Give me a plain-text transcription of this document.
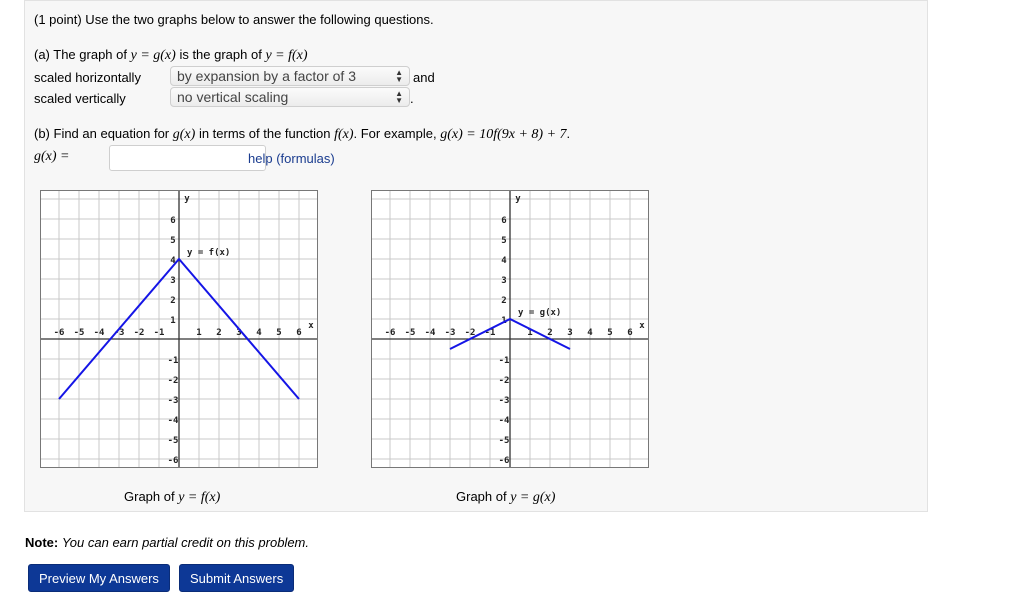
(1 point) Use the two graphs below to answer the following questions.
(a) The graph of y = g(x) is the graph of y = f(x)
scaled horizontally	by expansion by a factor of 3	▲
▼ and
scaled vertically	no vertical scaling	▲
▼ .
(b) Find an equation for g(x) in terms of the function f(x). For example, g(x) = 10f(9x + 8) + 7.
g(x) =	help (formulas)
-6
-6
-5
-5
-4
-4
-3
-3
-2
-2
-1
-1
1
1
2
2
3
3
4
4
5
5
6
6
x
y
y = f(x)
Graph of y = f(x)
-6
-6
-5
-5
-4
-4
-3
-3
-2
-2
-1
-1
1
1
2
2
3
3
4
4
5
5
6
6
x
y
y = g(x)
Graph of y = g(x)
Note: You can earn partial credit on this problem.
Preview My Answers	Submit Answers
